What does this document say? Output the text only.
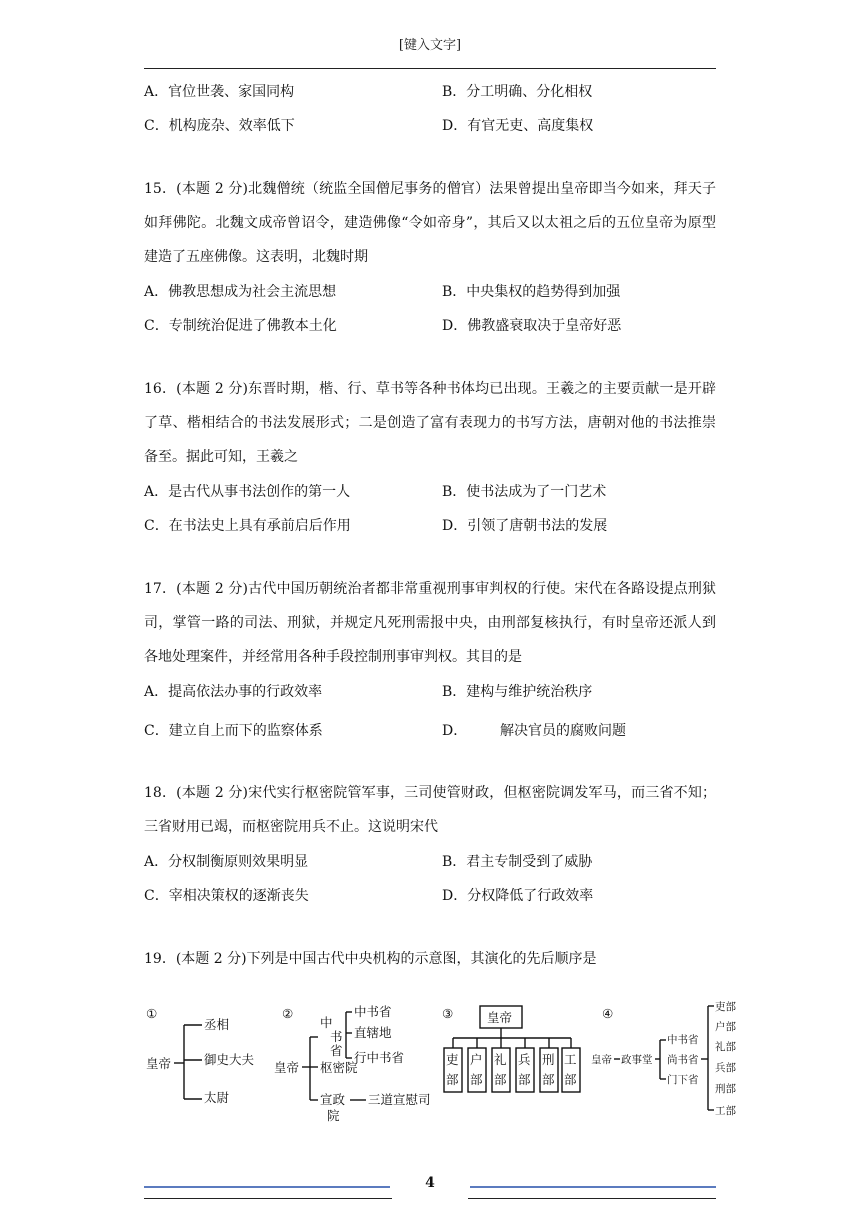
[键入文字]
A．官位世袭、家国同构	B．分工明确、分化相权
C．机构庞杂、效率低下	D．有官无吏、高度集权
15．(本题 2 分)北魏僧统（统监全国僧尼事务的僧官）法果曾提出皇帝即当今如来，拜天子如拜佛陀。北魏文成帝曾诏令，建造佛像“令如帝身”，其后又以太祖之后的五位皇帝为原型建造了五座佛像。这表明，北魏时期
A．佛教思想成为社会主流思想	B．中央集权的趋势得到加强
C．专制统治促进了佛教本土化	D．佛教盛衰取决于皇帝好恶
16．(本题 2 分)东晋时期，楷、行、草书等各种书体均已出现。王羲之的主要贡献一是开辟了草、楷相结合的书法发展形式；二是创造了富有表现力的书写方法，唐朝对他的书法推崇备至。据此可知，王羲之
A．是古代从事书法创作的第一人	B．使书法成为了一门艺术
C．在书法史上具有承前启后作用	D．引领了唐朝书法的发展
17．(本题 2 分)古代中国历朝统治者都非常重视刑事审判权的行使。宋代在各路设提点刑狱司，掌管一路的司法、刑狱，并规定凡死刑需报中央，由刑部复核执行，有时皇帝还派人到各地处理案件，并经常用各种手段控制刑事审判权。其目的是
A．提高依法办事的行政效率	B．建构与维护统治秩序
C．建立自上而下的监察体系	D． 解决官员的腐败问题
18．(本题 2 分)宋代实行枢密院管军事，三司使管财政，但枢密院调发军马，而三省不知；三省财用已竭，而枢密院用兵不止。这说明宋代
A．分权制衡原则效果明显	B．君主专制受到了威胁
C．宰相决策权的逐渐丧失	D．分权降低了行政效率
19．(本题 2 分)下列是中国古代中央机构的示意图，其演化的先后顺序是
①
皇帝
丞相
御史大夫
太尉
②
皇帝
中
书
省
中书省
直辖地
行中书省
枢密院
宣政
院
三道宣慰司
③	皇帝
吏
部
户
部
礼
部
兵
部
刑
部
工
部
④
皇帝 政事堂
中书省
尚书省
门下省
吏部
户部
礼部
兵部
刑部
工部
4
